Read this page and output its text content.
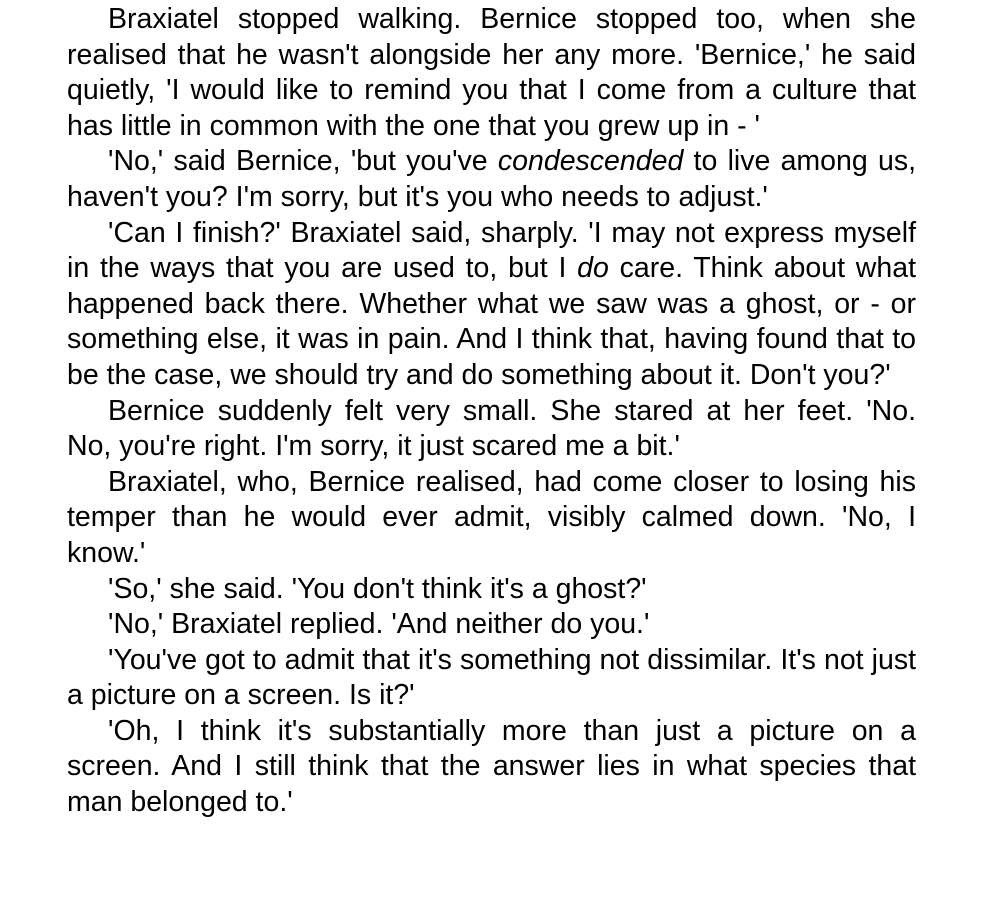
Braxiatel stopped walking. Bernice stopped too, when she realised that he wasn't alongside her any more. 'Bernice,' he said quietly, 'I would like to remind you that I come from a culture that has little in common with the one that you grew up in - '

'No,' said Bernice, 'but you've condescended to live among us, haven't you? I'm sorry, but it's you who needs to adjust.'

'Can I finish?' Braxiatel said, sharply. 'I may not express myself in the ways that you are used to, but I do care. Think about what happened back there. Whether what we saw was a ghost, or - or something else, it was in pain. And I think that, having found that to be the case, we should try and do something about it. Don't you?'

Bernice suddenly felt very small. She stared at her feet. 'No. No, you're right. I'm sorry, it just scared me a bit.'

Braxiatel, who, Bernice realised, had come closer to losing his temper than he would ever admit, visibly calmed down. 'No, I know.'

'So,' she said. 'You don't think it's a ghost?'

'No,' Braxiatel replied. 'And neither do you.'

'You've got to admit that it's something not dissimilar. It's not just a picture on a screen. Is it?'

'Oh, I think it's substantially more than just a picture on a screen. And I still think that the answer lies in what species that man belonged to.'
